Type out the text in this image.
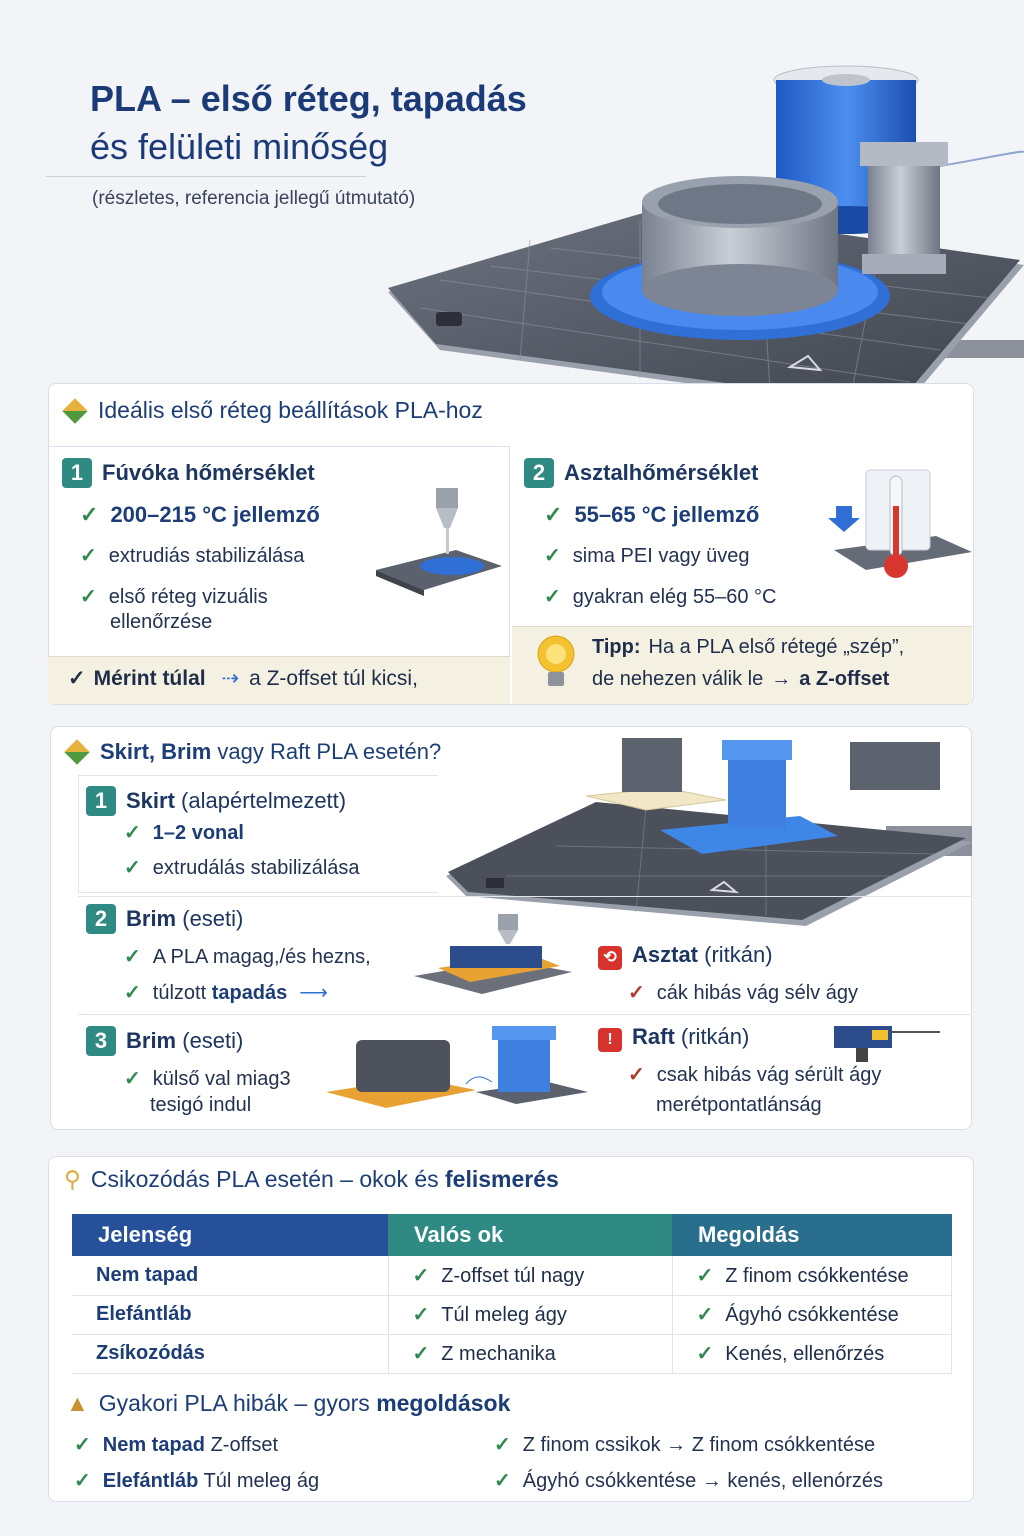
PLA – első réteg, tapadás
és felületi minőség
(részletes, referencia jellegű útmutató)
Ideális első réteg beállítások PLA-hoz
1 Fúvóka hőmérséklet
✓ 200–215 °C jellemző
✓ extrudiás stabilizálása
✓ első réteg vizuális
ellenőrzése
2 Asztalhőmérséklet
✓ 55–65 °C jellemző
✓ sima PEI vagy üveg
✓ gyakran elég 55–60 °C
✓ Mérint túlal ⇢ a Z-offset túl kicsi,
Tipp: Ha a PLA első rétegé „szép”,
de nehezen válik le → a Z-offset
Skirt, Brim vagy Raft PLA esetén?
1 Skirt (alapértelmezett)
✓ 1–2 vonal
✓ extrudálás stabilizálása
2 Brim (eseti)
✓ A PLA magag,/és hezns,
✓ túlzott tapadás ⟶
⟲ Asztat (ritkán)
✓ cák hibás vág sélv ágy
3 Brim (eseti)
✓ külső val miag3
tesigó indul
! Raft (ritkán)
✓ csak hibás vág sérült ágy
merétpontatlánság
⚲ Csikozódás PLA esetén – okok és felismerés
Jelenség	Valós ok	Megoldás
Nem tapad	✓ Z-offset túl nagy	✓ Z finom csókkentése
Elefántláb	✓ Túl meleg ágy	✓ Ágyhó csókkentése
Zsíkozódás	✓ Z mechanika	✓ Kenés, ellenőrzés
▲ Gyakori PLA hibák – gyors megoldások
✓ Nem tapad Z-offset
✓ Elefántláb Túl meleg ág
✓ Z finom cssikok → Z finom csókkentése
✓ Ágyhó csókkentése → kenés, ellenórzés
